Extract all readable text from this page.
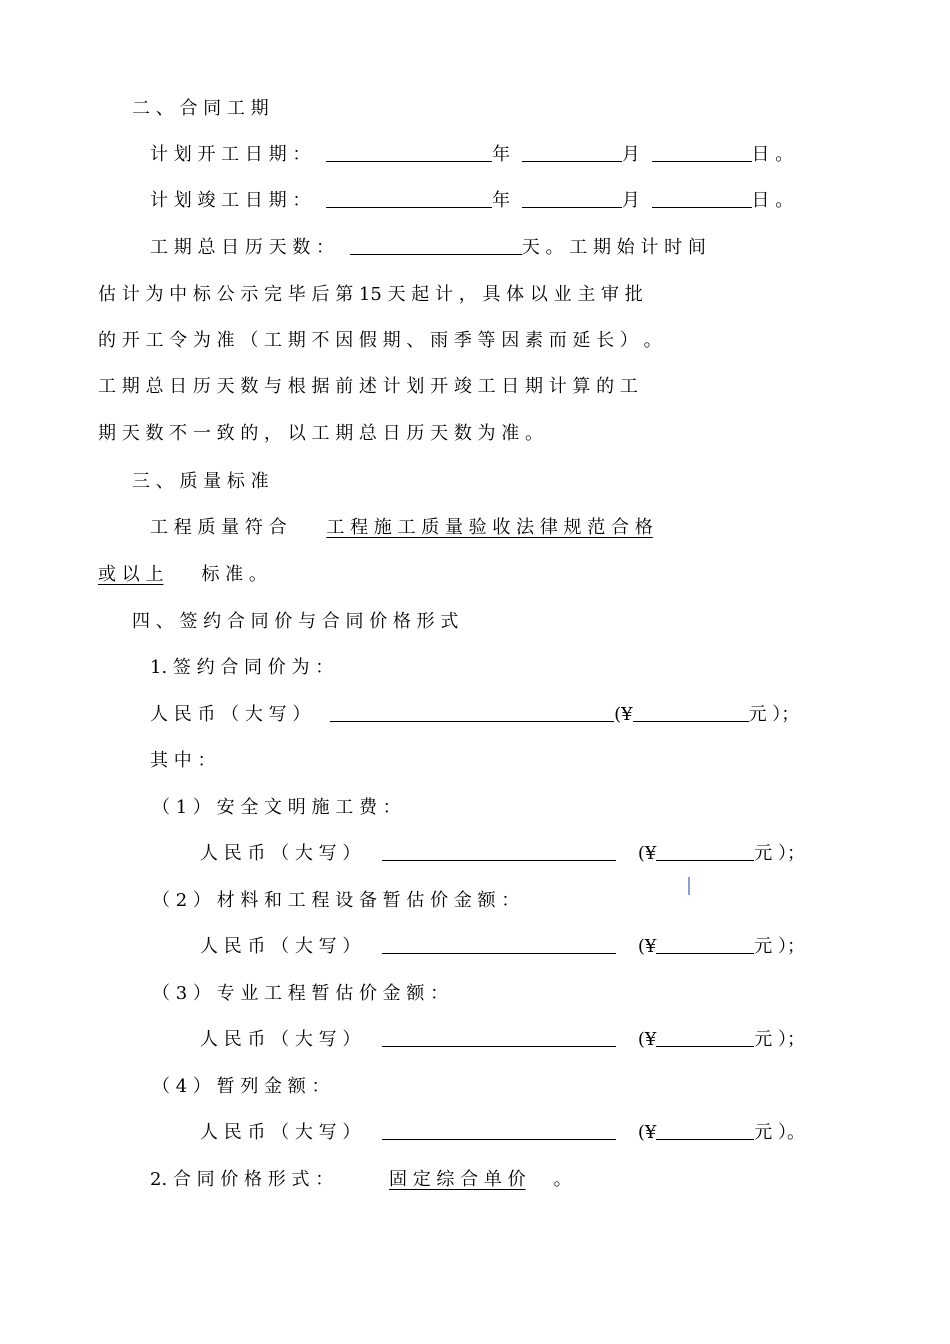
二 、 合 同 工 期
计 划 开 工 日 期 ：	年	月	日 。
计 划 竣 工 日 期 ：	年	月	日 。
工 期 总 日 历 天 数 ：	天 。 工 期 始 计 时 间
估 计 为 中 标 公 示 完 毕 后 第 15 天 起 计 ， 具 体 以 业 主 审 批
的 开 工 令 为 准 （ 工 期 不 因 假 期 、 雨 季 等 因 素 而 延 长 ） 。
工 期 总 日 历 天 数 与 根 据 前 述 计 划 开 竣 工 日 期 计 算 的 工
期 天 数 不 一 致 的 ， 以 工 期 总 日 历 天 数 为 准 。
三 、 质 量 标 准
工 程 质 量 符 合 工 程 施 工 质 量 验 收 法 律 规 范 合 格
或 以 上 标 准 。
四 、 签 约 合 同 价 与 合 同 价 格 形 式
1. 签 约 合 同 价 为 ：
人 民 币 （ 大 写 ）	(¥	元 ）；
其 中 ：
（ 1 ） 安 全 文 明 施 工 费 ：
人 民 币 （ 大 写 ）	(¥	元 ）；
（ 2 ） 材 料 和 工 程 设 备 暂 估 价 金 额 ：
人 民 币 （ 大 写 ）	(¥	元 ）；
（ 3 ） 专 业 工 程 暂 估 价 金 额 ：
人 民 币 （ 大 写 ）	(¥	元 ）；
（ 4 ） 暂 列 金 额 ：
人 民 币 （ 大 写 ）	(¥	元 ）。
2. 合 同 价 格 形 式 ：	固 定 综 合 单 价 。
